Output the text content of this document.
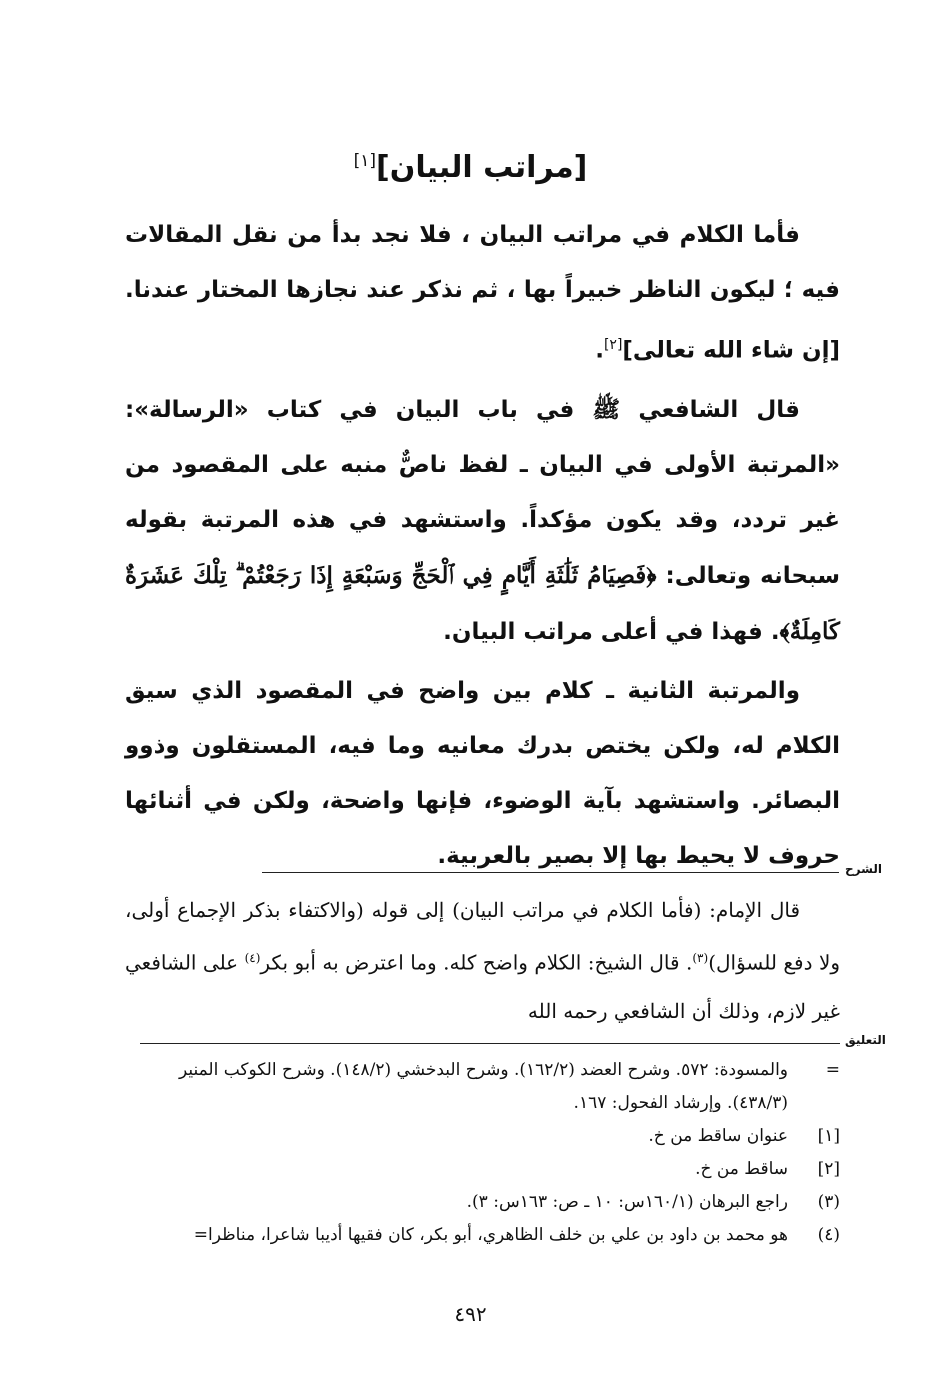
[مراتب البيان][١]

فأما الكلام في مراتب البيان ، فلا نجد بدأ من نقل المقالات فيه ؛ ليكون الناظر خبيراً بها ، ثم نذكر عند نجازها المختار عندنا. [إن شاء الله تعالى][٢].

قال الشافعي ﷺ في باب البيان في كتاب «الرسالة»: «المرتبة الأولى في البيان ـ لفظ ناصٌّ منبه على المقصود من غير تردد، وقد يكون مؤكداً. واستشهد في هذه المرتبة بقوله سبحانه وتعالى: ﴿فَصِيَامُ ثَلَٰثَةِ أَيَّامٍ فِي ٱلْحَجِّ وَسَبْعَةٍ إِذَا رَجَعْتُمْ ۗ تِلْكَ عَشَرَةٌ كَامِلَةٌ﴾. فهذا في أعلى مراتب البيان.

والمرتبة الثانية ـ كلام بين واضح في المقصود الذي سيق الكلام له، ولكن يختص بدرك معانيه وما فيه، المستقلون وذوو البصائر. واستشهد بآية الوضوء، فإنها واضحة، ولكن في أثنائها حروف لا يحيط بها إلا بصير بالعربية.

الشرح

قال الإمام: (فأما الكلام في مراتب البيان) إلى قوله (والاكتفاء بذكر الإجماع أولى، ولا دفع للسؤال)$^{(٣)}$. قال الشيخ: الكلام واضح كله. وما اعترض به أبو بكر$^{(٤)}$ على الشافعي غير لازم، وذلك أن الشافعي رحمه الله

التعليق
=
والمسودة: ٥٧٢. وشرح العضد (١٦٢/٢). وشرح البدخشي (١٤٨/٢). وشرح الكوكب المنير (٤٣٨/٣). وإرشاد الفحول: ١٦٧.
[١]
عنوان ساقط من خ.
[٢]
ساقط من خ.
(٣)
راجع البرهان (١٦٠/١س: ١٠ ـ ص: ١٦٣س: ٣).
(٤)
هو محمد بن داود بن علي بن خلف الظاهري، أبو بكر، كان فقيها أديبا شاعرا، مناظرا=
٤٩٢
